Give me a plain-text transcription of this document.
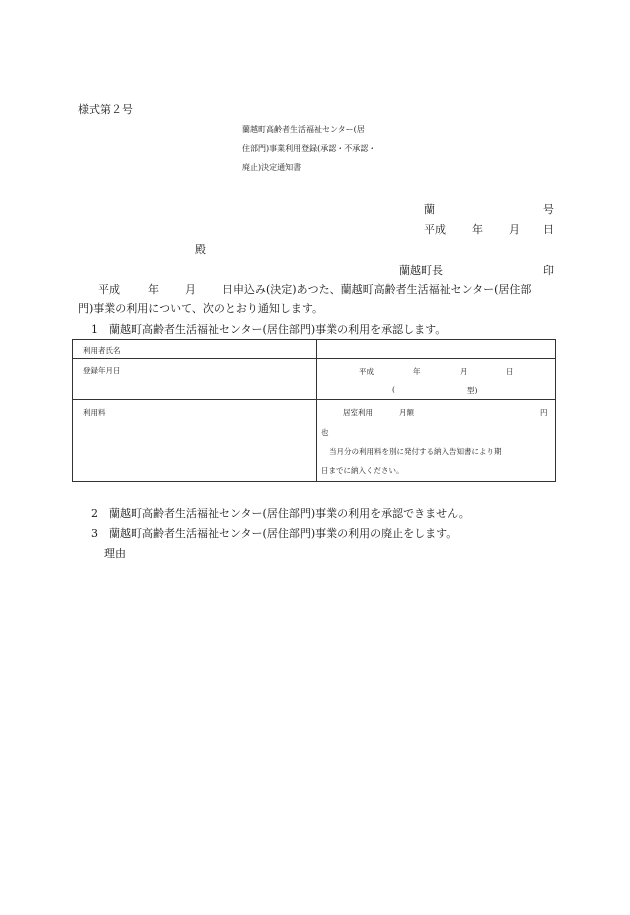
様式第２号
蘭越町高齢者生活福祉センター(居
住部門)事業利用登録(承認・不承認・
廃止)決定通知書
蘭	号
平成 年 月 日
殿
蘭越町長	印
平成	年 月 日申込み(決定)あつた、蘭越町高齢者生活福祉センター(居住部
門)事業の利用について、次のとおり通知します。
1　蘭越町高齢者生活福祉センター(居住部門)事業の利用を承認します。
利用者氏名
登録年月日	平成	年	月	日
(	型)
利用料	居室利用	月額	円
也
当月分の利用料を別に発付する納入告知書により期
日までに納入ください。
2　蘭越町高齢者生活福祉センター(居住部門)事業の利用を承認できません。
3　蘭越町高齢者生活福祉センター(居住部門)事業の利用の廃止をします。
理由
